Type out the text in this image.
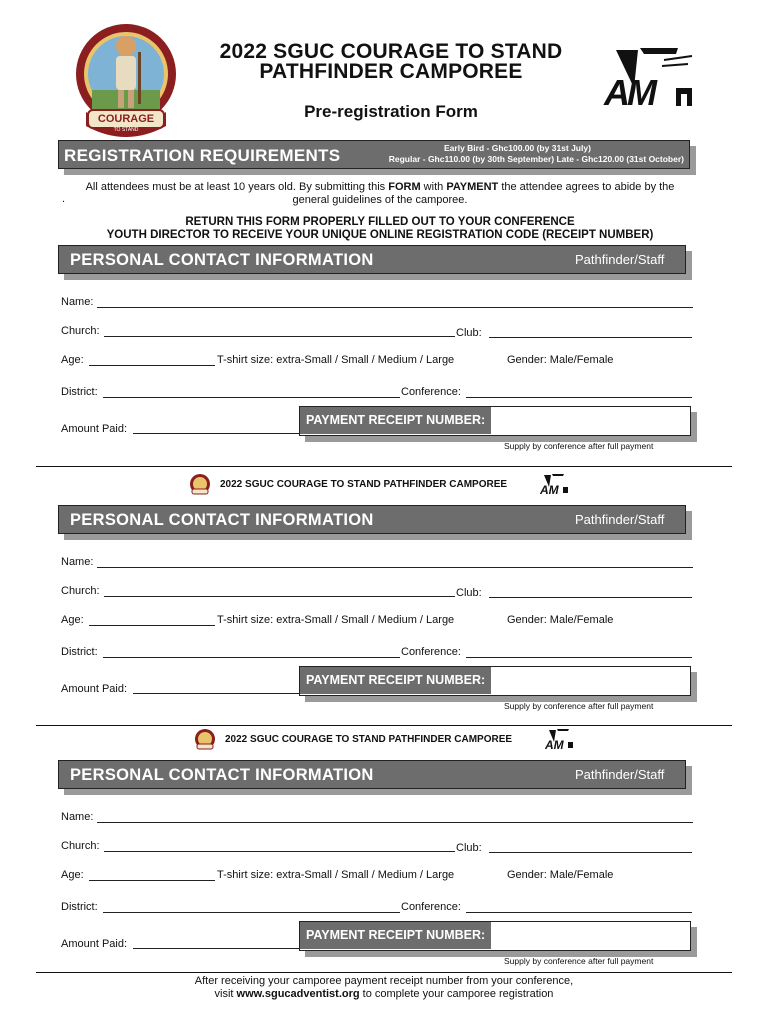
COURAGE
TO STAND
2022 SGUC COURAGE TO STAND
PATHFINDER CAMPOREE
Pre-registration Form	AM
REGISTRATION REQUIREMENTS	Early Bird - Ghc100.00 (by 31st July)
Regular - Ghc110.00 (by 30th September) Late - Ghc120.00 (31st October)
All attendees must be at least 10 years old. By submitting this FORM with PAYMENT the attendee agrees to abide by the
general guidelines of the camporee.
.
RETURN THIS FORM PROPERLY FILLED OUT TO YOUR CONFERENCE
YOUTH DIRECTOR TO RECEIVE YOUR UNIQUE ONLINE REGISTRATION CODE (RECEIPT NUMBER)
PERSONAL CONTACT INFORMATION	Pathfinder/Staff
Name:
Church:	Club:
Age:	T-shirt size: extra-Small / Small / Medium / Large	Gender: Male/Female
District:	Conference:
Amount Paid:
PAYMENT RECEIPT NUMBER:
Supply by conference after full payment
2022 SGUC COURAGE TO STAND PATHFINDER CAMPOREE	AM
PERSONAL CONTACT INFORMATION	Pathfinder/Staff
Name:
Church:	Club:
Age:	T-shirt size: extra-Small / Small / Medium / Large	Gender: Male/Female
District:	Conference:
Amount Paid:
PAYMENT RECEIPT NUMBER:
Supply by conference after full payment
2022 SGUC COURAGE TO STAND PATHFINDER CAMPOREE	AM
PERSONAL CONTACT INFORMATION	Pathfinder/Staff
Name:
Church:	Club:
Age:	T-shirt size: extra-Small / Small / Medium / Large	Gender: Male/Female
District:	Conference:
Amount Paid:
PAYMENT RECEIPT NUMBER:
Supply by conference after full payment
After receiving your camporee payment receipt number from your conference,
visit www.sgucadventist.org to complete your camporee registration
